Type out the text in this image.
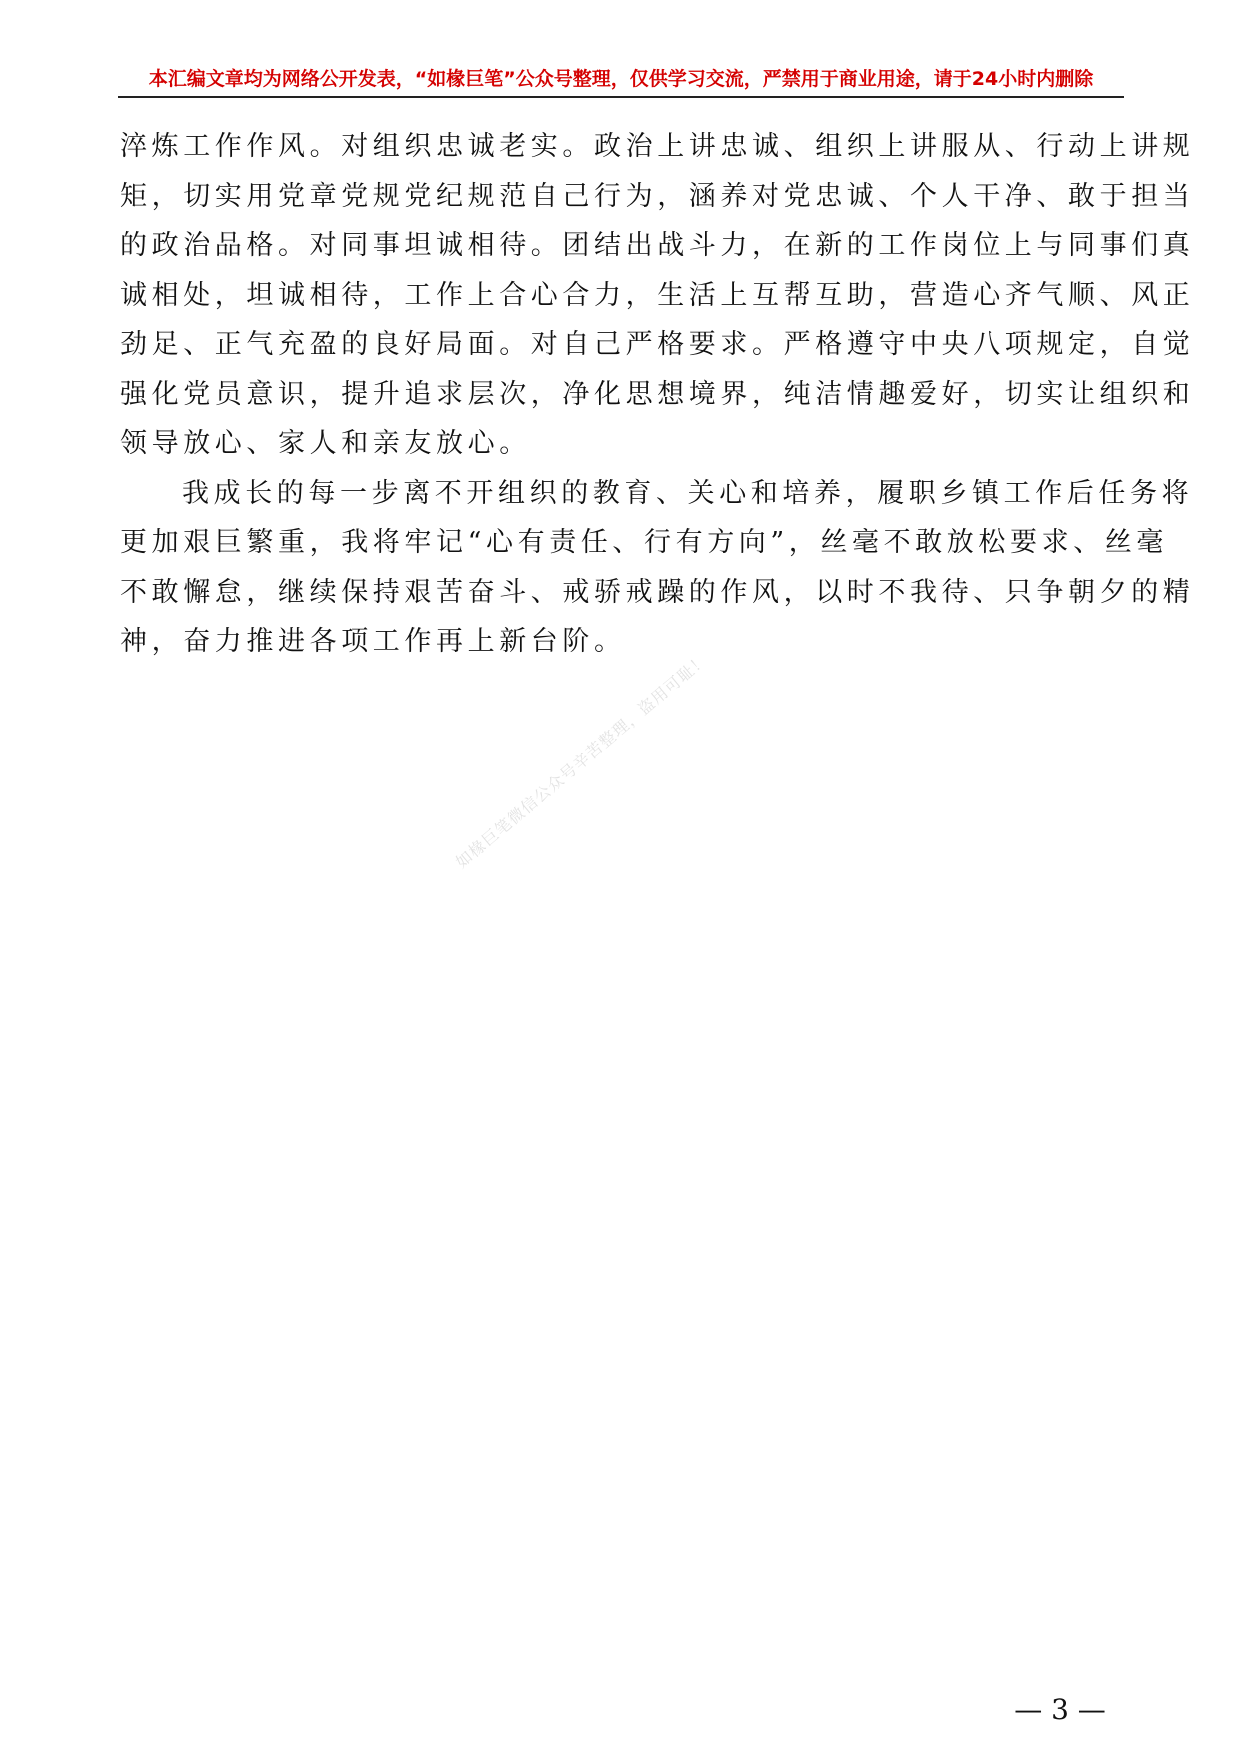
本汇编文章均为网络公开发表，“如椽巨笔”公众号整理，仅供学习交流，严禁用于商业用途，请于24小时内删除

淬炼工作作风。对组织忠诚老实。政治上讲忠诚、组织上讲服从、行动上讲规
矩，切实用党章党规党纪规范自己行为，涵养对党忠诚、个人干净、敢于担当
的政治品格。对同事坦诚相待。团结出战斗力，在新的工作岗位上与同事们真
诚相处，坦诚相待，工作上合心合力，生活上互帮互助，营造心齐气顺、风正
劲足、正气充盈的良好局面。对自己严格要求。严格遵守中央八项规定，自觉
强化党员意识，提升追求层次，净化思想境界，纯洁情趣爱好，切实让组织和
领导放心、家人和亲友放心。

我成长的每一步离不开组织的教育、关心和培养，履职乡镇工作后任务将
更加艰巨繁重，我将牢记“心有责任、行有方向”，丝毫不敢放松要求、丝毫
不敢懈怠，继续保持艰苦奋斗、戒骄戒躁的作风，以时不我待、只争朝夕的精
神，奋力推进各项工作再上新台阶。

如椽巨笔微信公众号辛苦整理，盗用可耻！
— 3 —
